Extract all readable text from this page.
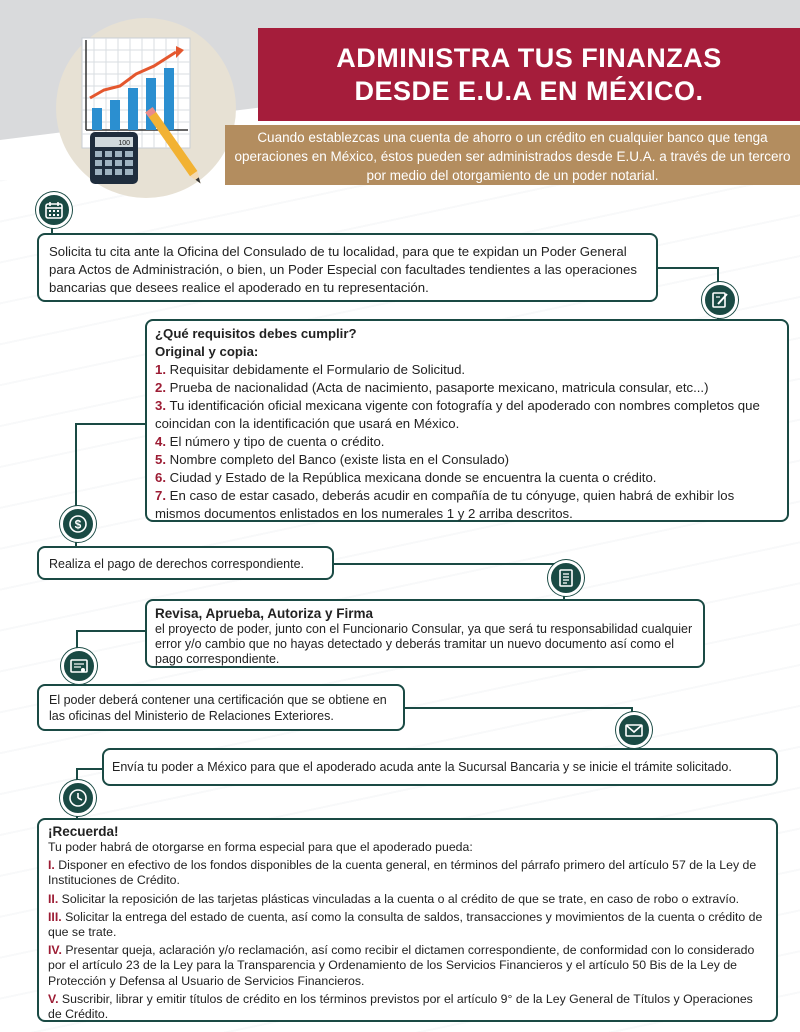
100
ADMINISTRA TUS FINANZAS
DESDE E.U.A EN MÉXICO.
Cuando establezcas una cuenta de ahorro o un crédito en cualquier banco que tenga operaciones en México, éstos pueden ser administrados desde E.U.A. a través de un tercero por medio del otorgamiento de un poder notarial.
$
Solicita tu cita ante la Oficina del Consulado de tu localidad, para que te expidan un Poder General para Actos de Administración, o bien, un Poder Especial con facultades tendientes a las operaciones bancarias que desees realice el apoderado en tu representación.
¿Qué requisitos debes cumplir?
Original y copia:
1. Requisitar debidamente el Formulario de Solicitud.
2. Prueba de nacionalidad (Acta de nacimiento, pasaporte mexicano, matricula consular, etc...)
3. Tu identificación oficial mexicana vigente con fotografía y del apoderado con nombres completos que coincidan con la identificación que usará en México.
4. El número y tipo de cuenta o crédito.
5. Nombre completo del Banco (existe lista en el Consulado)
6. Ciudad y Estado de la República mexicana donde se encuentra la cuenta o crédito.
7. En caso de estar casado, deberás acudir en compañía de tu cónyuge, quien habrá de exhibir los mismos documentos enlistados en los numerales 1 y 2 arriba descritos.
Realiza el pago de derechos correspondiente.
Revisa, Aprueba, Autoriza y Firma
el proyecto de poder, junto con el Funcionario Consular, ya que será tu responsabilidad cualquier error y/o cambio que no hayas detectado y deberás tramitar un nuevo documento así como el pago correspondiente.
El poder deberá contener una certificación que se obtiene en las oficinas del Ministerio de Relaciones Exteriores.
Envía tu poder a México para que el apoderado acuda ante la Sucursal Bancaria y se inicie el trámite solicitado.
¡Recuerda!
Tu poder habrá de otorgarse en forma especial para que el apoderado pueda:
I. Disponer en efectivo de los fondos disponibles de la cuenta general, en términos del párrafo primero del artículo 57 de la Ley de Instituciones de Crédito.
II. Solicitar la reposición de las tarjetas plásticas vinculadas a la cuenta o al crédito de que se trate, en caso de robo o extravío.
III. Solicitar la entrega del estado de cuenta, así como la consulta de saldos, transacciones y movimientos de la cuenta o crédito de que se trate.
IV. Presentar queja, aclaración y/o reclamación, así como recibir el dictamen correspondiente, de conformidad con lo considerado por el artículo 23 de la Ley para la Transparencia y Ordenamiento de los Servicios Financieros y el artículo 50 Bis de la Ley de Protección y Defensa al Usuario de Servicios Financieros.
V. Suscribir, librar y emitir títulos de crédito en los términos previstos por el artículo 9° de la Ley General de Títulos y Operaciones de Crédito.
